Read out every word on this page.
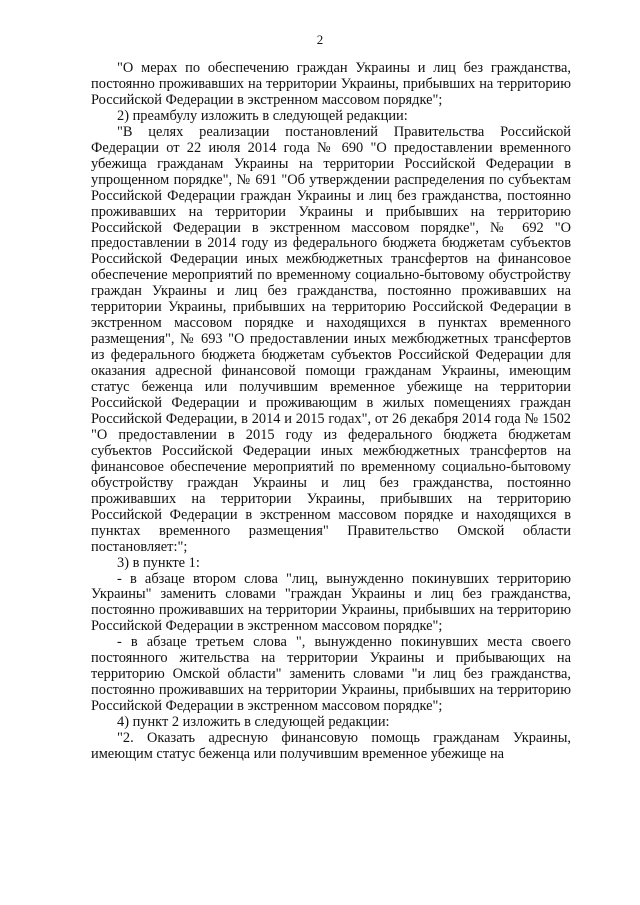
2

"О мерах по обеспечению граждан Украины и лиц без гражданства, постоянно проживавших на территории Украины, прибывших на территорию Российской Федерации в экстренном массовом порядке";

2) преамбулу изложить в следующей редакции:

"В целях реализации постановлений Правительства Российской Федерации от 22 июля 2014 года № 690 "О предоставлении временного убежища гражданам Украины на территории Российской Федерации в упрощенном порядке", № 691 "Об утверждении распределения по субъектам Российской Федерации граждан Украины и лиц без гражданства, постоянно проживавших на территории Украины и прибывших на территорию Российской Федерации в экстренном массовом порядке", № 692 "О предоставлении в 2014 году из федерального бюджета бюджетам субъектов Российской Федерации иных межбюджетных трансфертов на финансовое обеспечение мероприятий по временному социально-бытовому обустройству граждан Украины и лиц без гражданства, постоянно проживавших на территории Украины, прибывших на территорию Российской Федерации в экстренном массовом порядке и находящихся в пунктах временного размещения", № 693 "О предоставлении иных межбюджетных трансфертов из федерального бюджета бюджетам субъектов Российской Федерации для оказания адресной финансовой помощи гражданам Украины, имеющим статус беженца или получившим временное убежище на территории Российской Федерации и проживающим в жилых помещениях граждан Российской Федерации, в 2014 и 2015 годах", от 26 декабря 2014 года № 1502 "О предоставлении в 2015 году из федерального бюджета бюджетам субъектов Российской Федерации иных межбюджетных трансфертов на финансовое обеспечение мероприятий по временному социально-бытовому обустройству граждан Украины и лиц без гражданства, постоянно проживавших на территории Украины, прибывших на территорию Российской Федерации в экстренном массовом порядке и находящихся в пунктах временного размещения" Правительство Омской области постановляет:";

3) в пункте 1:

- в абзаце втором слова "лиц, вынужденно покинувших территорию Украины" заменить словами "граждан Украины и лиц без гражданства, постоянно проживавших на территории Украины, прибывших на территорию Российской Федерации в экстренном массовом порядке";

- в абзаце третьем слова ", вынужденно покинувших места своего постоянного жительства на территории Украины и прибывающих на территорию Омской области" заменить словами "и лиц без гражданства, постоянно проживавших на территории Украины, прибывших на территорию Российской Федерации в экстренном массовом порядке";

4) пункт 2 изложить в следующей редакции:

"2. Оказать адресную финансовую помощь гражданам Украины, имеющим статус беженца или получившим временное убежище на
